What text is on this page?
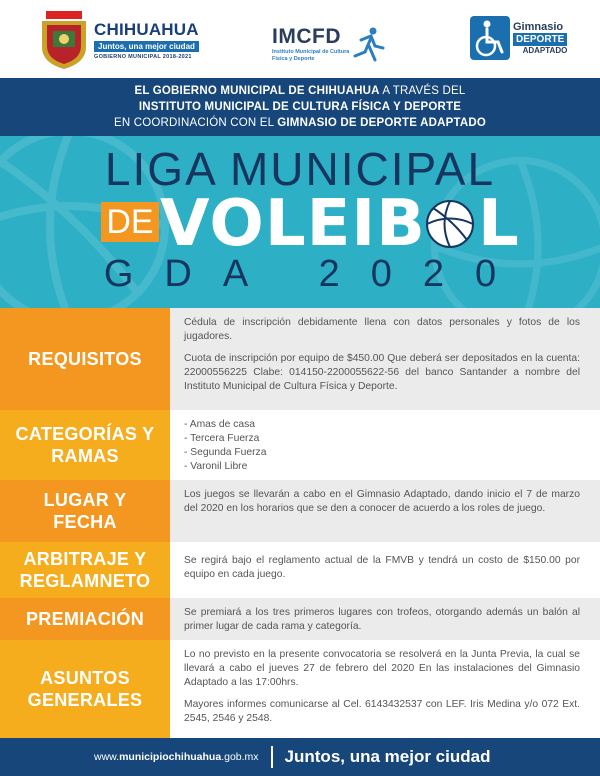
CHIHUAHUA
Juntos, una mejor ciudad
GOBIERNO MUNICIPAL 2018-2021
IMCFD
Instituto Municipal de Cultura
Física y Deporte
Gimnasio
DEPORTE
ADAPTADO

EL GOBIERNO MUNICIPAL DE CHIHUAHUA A TRAVÉS DEL

INSTITUTO MUNICIPAL DE CULTURA FÍSICA Y DEPORTE

EN COORDINACIÓN CON EL GIMNASIO DE DEPORTE ADAPTADO

LIGA MUNICIPAL
DE VOLEIB L
GDA 2020
REQUISITOS

Cédula de inscripción debidamente llena con datos personales y fotos de los jugadores.

Cuota de inscripción por equipo de $450.00 Que deberá ser depositados en la cuenta: 22000556225 Clabe: 014150-2200055622-56 del banco Santander a nombre del Instituto Municipal de Cultura Física y Deporte.

CATEGORÍAS Y RAMAS
- Amas de casa
- Tercera Fuerza
- Segunda Fuerza
- Varonil Libre
LUGAR Y FECHA

Los juegos se llevarán a cabo en el Gimnasio Adaptado, dando inicio el 7 de marzo del 2020 en los horarios que se den a conocer de acuerdo a los roles de juego.

ARBITRAJE Y REGLAMNETO

Se regirá bajo el reglamento actual de la FMVB y tendrá un costo de $150.00 por equipo en cada juego.

PREMIACIÓN	Se premiará a los tres primeros lugares con trofeos, otorgando además un balón al primer lugar de cada rama y categoría.

ASUNTOS GENERALES

Lo no previsto en la presente convocatoria se resolverá en la Junta Previa, la cual se llevará a cabo el jueves 27 de febrero del 2020 En las instalaciones del Gimnasio Adaptado a las 17:00hrs.

Mayores informes comunicarse al Cel. 6143432537 con LEF. Iris Medina y/o 072 Ext. 2545, 2546 y 2548.

www.municipiochihuahua.gob.mx Juntos, una mejor ciudad
